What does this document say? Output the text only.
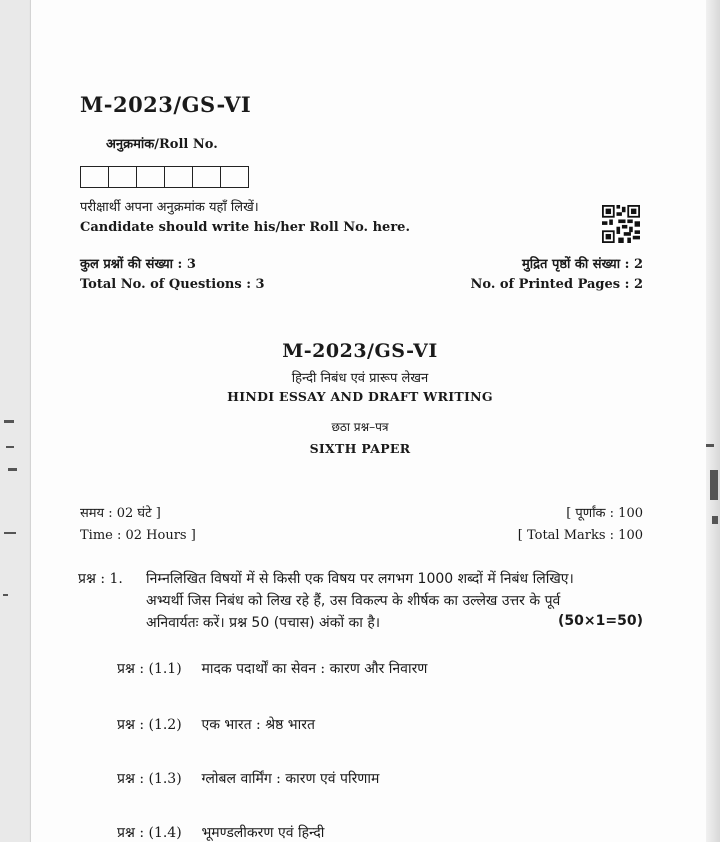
M-2023/GS-VI
अनुक्रमांक/Roll No.
परीक्षार्थी अपना अनुक्रमांक यहाँ लिखें।
Candidate should write his/her Roll No. here.
कुल प्रश्नों की संख्या : 3
Total No. of Questions : 3
मुद्रित पृष्ठों की संख्या : 2
No. of Printed Pages : 2
M-2023/GS-VI
हिन्दी निबंध एवं प्रारूप लेखन
HINDI ESSAY AND DRAFT WRITING
छठा प्रश्न–पत्र
SIXTH PAPER
समय : 02 घंटे ]
Time : 02 Hours ]
[ पूर्णांक : 100
[ Total Marks : 100
प्रश्न : 1. निम्नलिखित विषयों में से किसी एक विषय पर लगभग 1000 शब्दों में निबंध लिखिए।
अभ्यर्थी जिस निबंध को लिख रहे हैं, उस विकल्प के शीर्षक का उल्लेख उत्तर के पूर्व
अनिवार्यतः करें। प्रश्न 50 (पचास) अंकों का है।	(50×1=50)
प्रश्न : (1.1) मादक पदार्थों का सेवन : कारण और निवारण
प्रश्न : (1.2) एक भारत : श्रेष्ठ भारत
प्रश्न : (1.3) ग्लोबल वार्मिंग : कारण एवं परिणाम
प्रश्न : (1.4) भूमण्डलीकरण एवं हिन्दी
